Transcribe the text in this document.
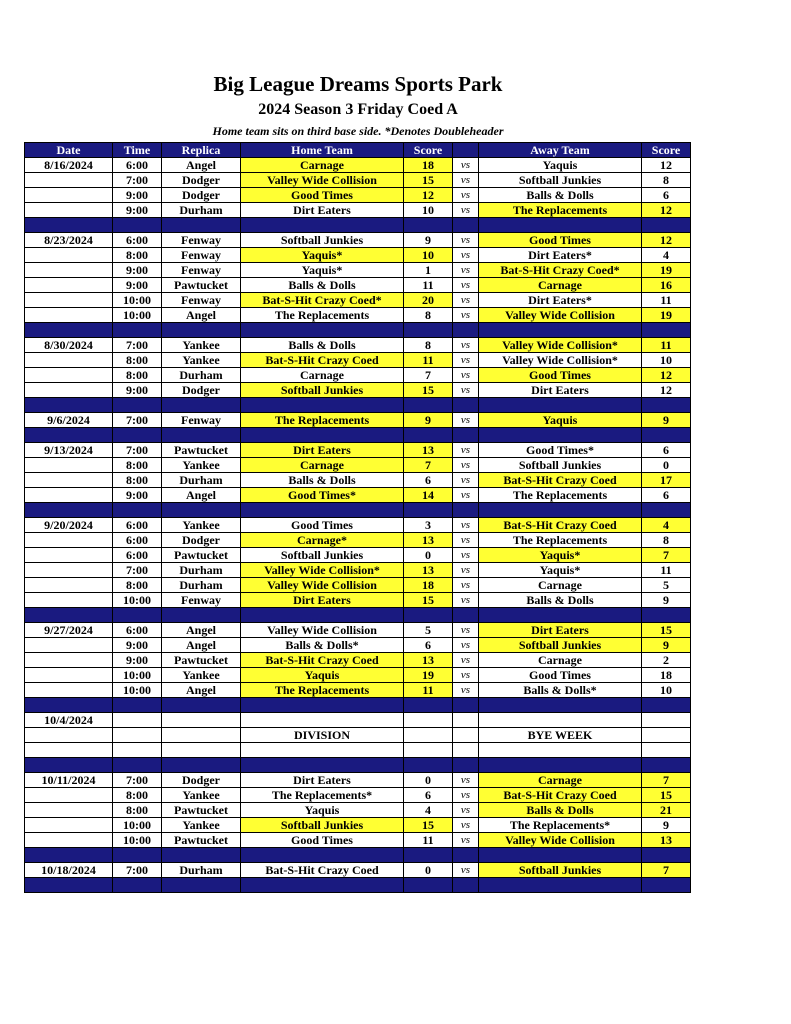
Big League Dreams Sports Park
2024 Season 3 Friday Coed A
Home team sits on third base side. *Denotes Doubleheader
Date	Time	Replica	Home Team	Score		Away Team	Score
8/16/2024	6:00	Angel	Carnage	18	vs	Yaquis	12
	7:00	Dodger	Valley Wide Collision	15	vs	Softball Junkies	8
	9:00	Dodger	Good Times	12	vs	Balls & Dolls	6
	9:00	Durham	Dirt Eaters	10	vs	The Replacements	12

8/23/2024	6:00	Fenway	Softball Junkies	9	vs	Good Times	12
	8:00	Fenway	Yaquis*	10	vs	Dirt Eaters*	4
	9:00	Fenway	Yaquis*	1	vs	Bat-S-Hit Crazy Coed*	19
	9:00	Pawtucket	Balls & Dolls	11	vs	Carnage	16
	10:00	Fenway	Bat-S-Hit Crazy Coed*	20	vs	Dirt Eaters*	11
	10:00	Angel	The Replacements	8	vs	Valley Wide Collision	19

8/30/2024	7:00	Yankee	Balls & Dolls	8	vs	Valley Wide Collision*	11
	8:00	Yankee	Bat-S-Hit Crazy Coed	11	vs	Valley Wide Collision*	10
	8:00	Durham	Carnage	7	vs	Good Times	12
	9:00	Dodger	Softball Junkies	15	vs	Dirt Eaters	12

9/6/2024	7:00	Fenway	The Replacements	9	vs	Yaquis	9

9/13/2024	7:00	Pawtucket	Dirt Eaters	13	vs	Good Times*	6
	8:00	Yankee	Carnage	7	vs	Softball Junkies	0
	8:00	Durham	Balls & Dolls	6	vs	Bat-S-Hit Crazy Coed	17
	9:00	Angel	Good Times*	14	vs	The Replacements	6

9/20/2024	6:00	Yankee	Good Times	3	vs	Bat-S-Hit Crazy Coed	4
	6:00	Dodger	Carnage*	13	vs	The Replacements	8
	6:00	Pawtucket	Softball Junkies	0	vs	Yaquis*	7
	7:00	Durham	Valley Wide Collision*	13	vs	Yaquis*	11
	8:00	Durham	Valley Wide Collision	18	vs	Carnage	5
	10:00	Fenway	Dirt Eaters	15	vs	Balls & Dolls	9

9/27/2024	6:00	Angel	Valley Wide Collision	5	vs	Dirt Eaters	15
	9:00	Angel	Balls & Dolls*	6	vs	Softball Junkies	9
	9:00	Pawtucket	Bat-S-Hit Crazy Coed	13	vs	Carnage	2
	10:00	Yankee	Yaquis	19	vs	Good Times	18
	10:00	Angel	The Replacements	11	vs	Balls & Dolls*	10

10/4/2024							
			DIVISION			BYE WEEK	

10/11/2024	7:00	Dodger	Dirt Eaters	0	vs	Carnage	7
	8:00	Yankee	The Replacements*	6	vs	Bat-S-Hit Crazy Coed	15
	8:00	Pawtucket	Yaquis	4	vs	Balls & Dolls	21
	10:00	Yankee	Softball Junkies	15	vs	The Replacements*	9
	10:00	Pawtucket	Good Times	11	vs	Valley Wide Collision	13

10/18/2024	7:00	Durham	Bat-S-Hit Crazy Coed	0	vs	Softball Junkies	7
